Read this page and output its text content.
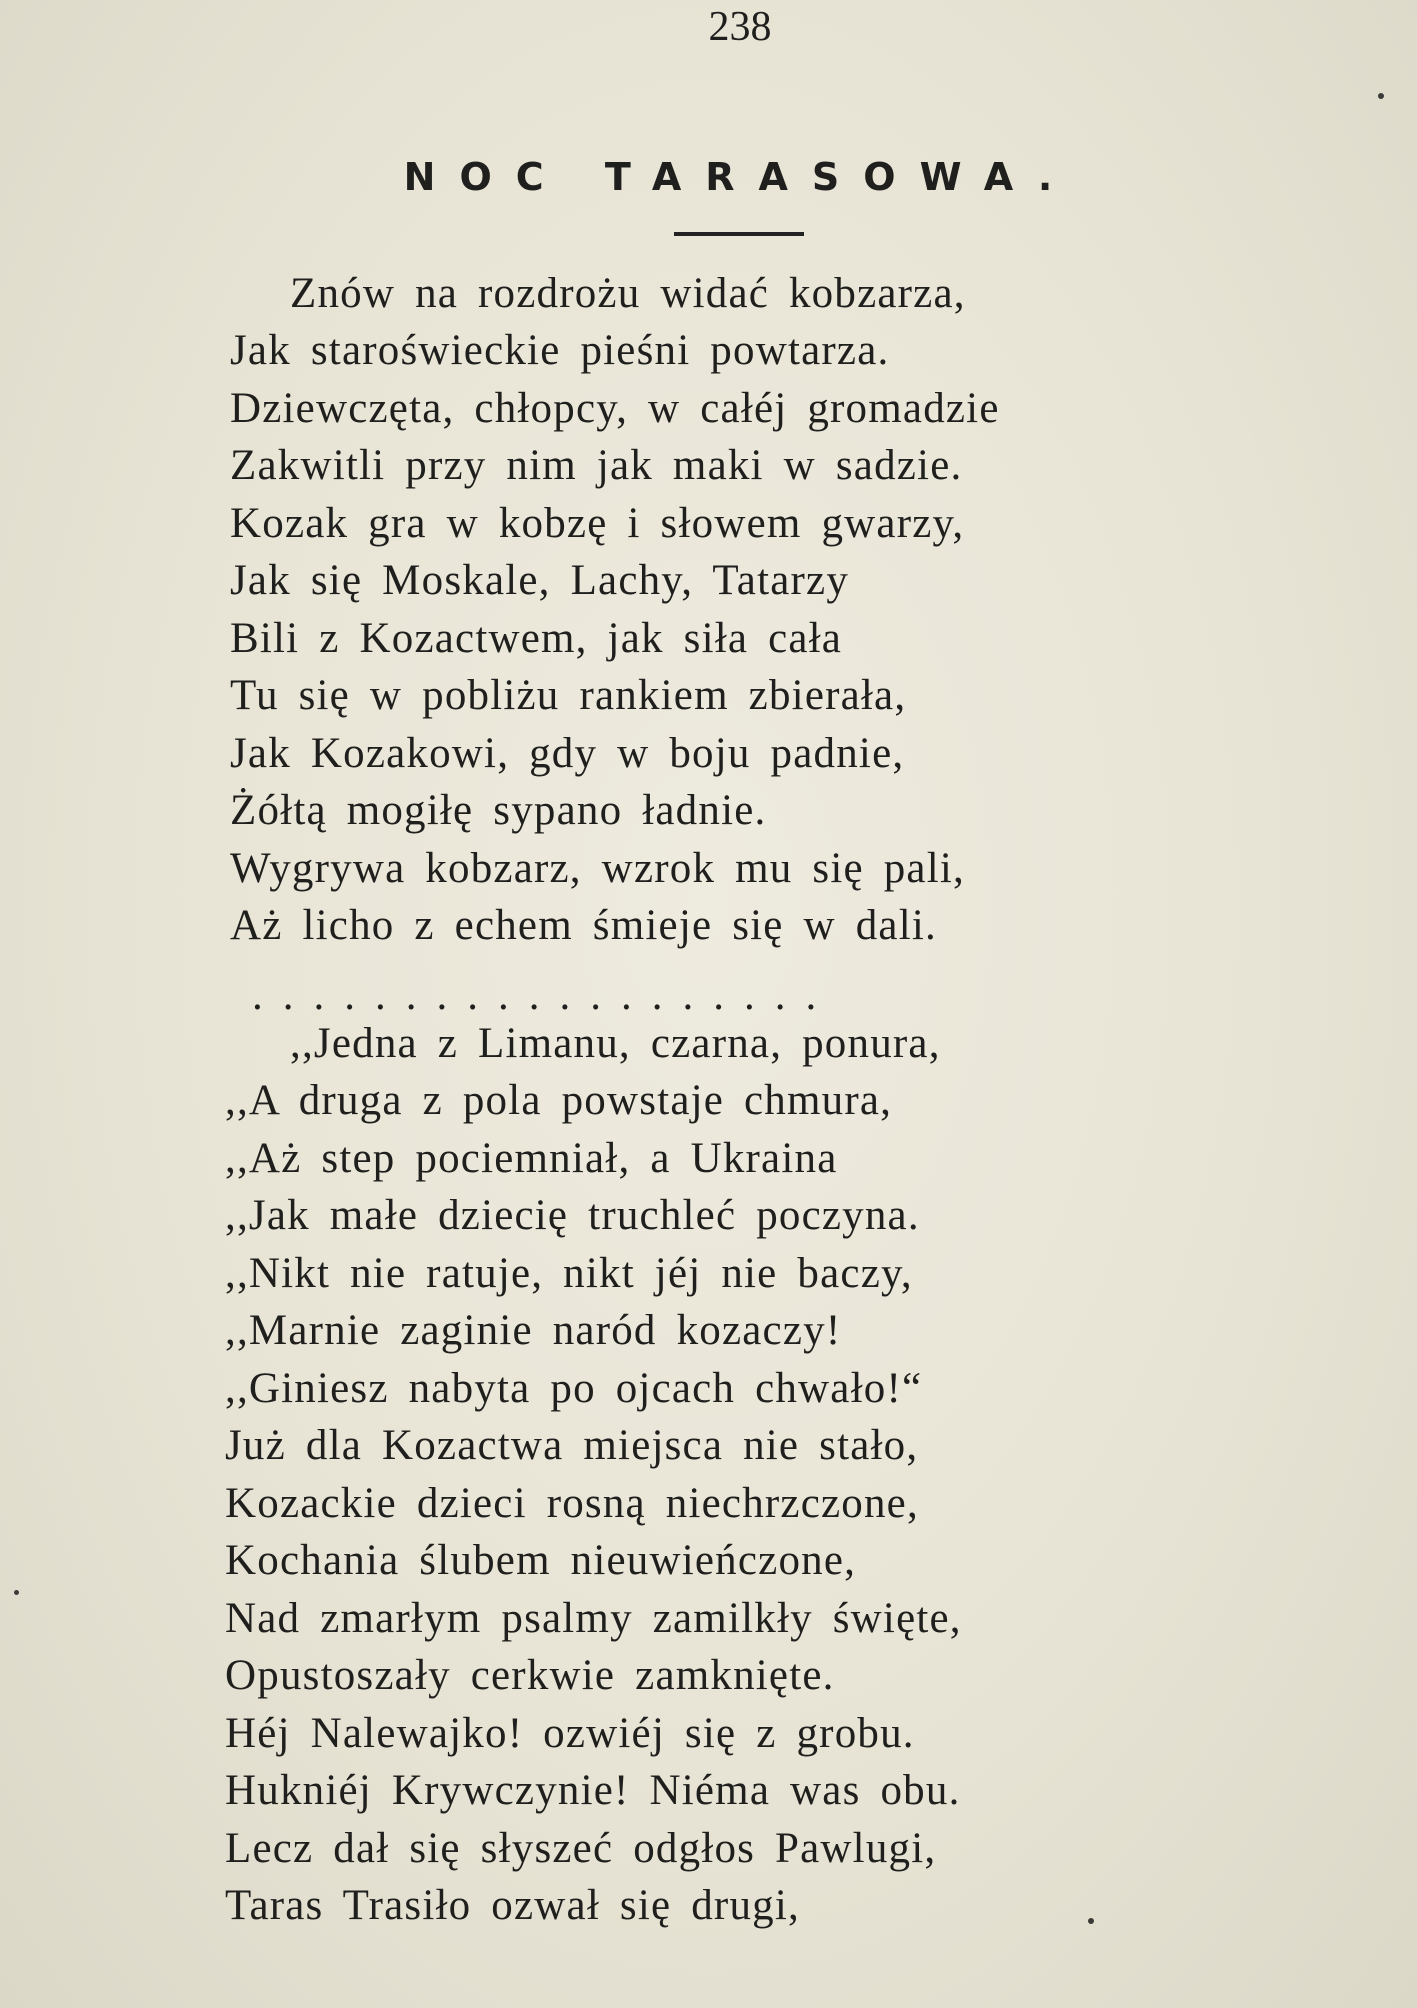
238
NOC TARASOWA.
Znów na rozdrożu widać kobzarza,
Jak staroświeckie pieśni powtarza.
Dziewczęta, chłopcy, w całéj gromadzie
Zakwitli przy nim jak maki w sadzie.
Kozak gra w kobzę i słowem gwarzy,
Jak się Moskale, Lachy, Tatarzy
Bili z Kozactwem, jak siła cała
Tu się w pobliżu rankiem zbierała,
Jak Kozakowi, gdy w boju padnie,
Żółtą mogiłę sypano ładnie.
Wygrywa kobzarz, wzrok mu się pali,
Aż licho z echem śmieje się w dali.
...................
,,Jedna z Limanu, czarna, ponura,
,,A druga z pola powstaje chmura,
,,Aż step pociemniał, a Ukraina
,,Jak małe dziecię truchleć poczyna.
,,Nikt nie ratuje, nikt jéj nie baczy,
,,Marnie zaginie naród kozaczy!
,,Giniesz nabyta po ojcach chwało!“
Już dla Kozactwa miejsca nie stało,
Kozackie dzieci rosną niechrzczone,
Kochania ślubem nieuwieńczone,
Nad zmarłym psalmy zamilkły święte,
Opustoszały cerkwie zamknięte.
Héj Nalewajko! ozwiéj się z grobu.
Hukniéj Krywczynie! Niéma was obu.
Lecz dał się słyszeć odgłos Pawlugi,
Taras Trasiło ozwał się drugi,
